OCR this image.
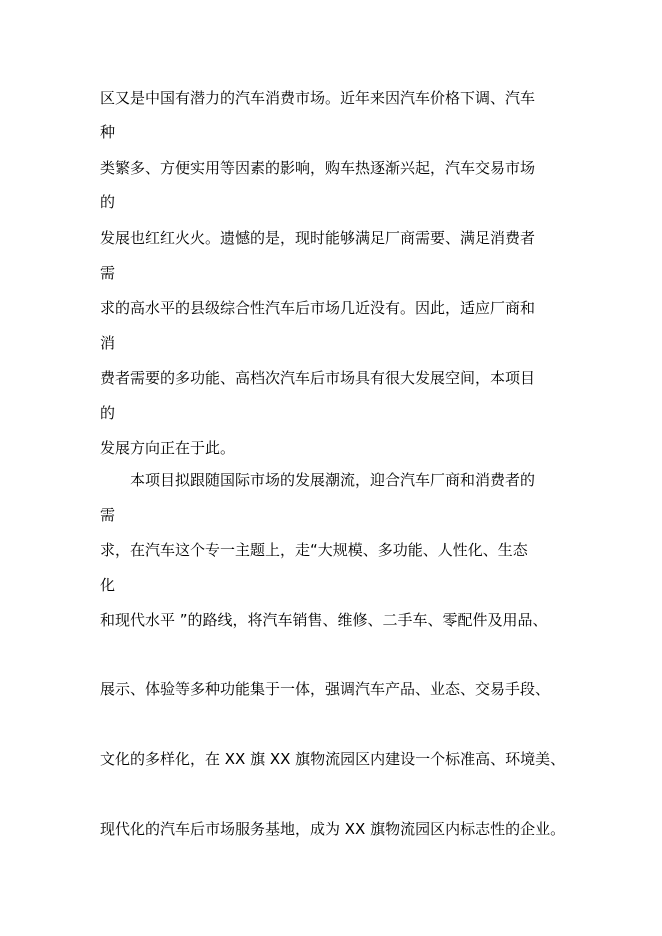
区又是中国有潜力的汽车消费市场。近年来因汽车价格下调、汽车
种
类繁多、方便实用等因素的影响，购车热逐渐兴起，汽车交易市场
的
发展也红红火火。遗憾的是，现时能够满足厂商需要、满足消费者
需
求的高水平的县级综合性汽车后市场几近没有。因此，适应厂商和
消
费者需要的多功能、高档次汽车后市场具有很大发展空间，本项目
的
发展方向正在于此。
　　本项目拟跟随国际市场的发展潮流，迎合汽车厂商和消费者的
需
求，在汽车这个专一主题上，走“大规模、多功能、人性化、生态
化
和现代水平 ”的路线，将汽车销售、维修、二手车、零配件及用品、
展示、体验等多种功能集于一体，强调汽车产品、业态、交易手段、
文化的多样化，在 XX 旗 XX 旗物流园区内建设一个标准高、环境美、
现代化的汽车后市场服务基地，成为 XX 旗物流园区内标志性的企业。
